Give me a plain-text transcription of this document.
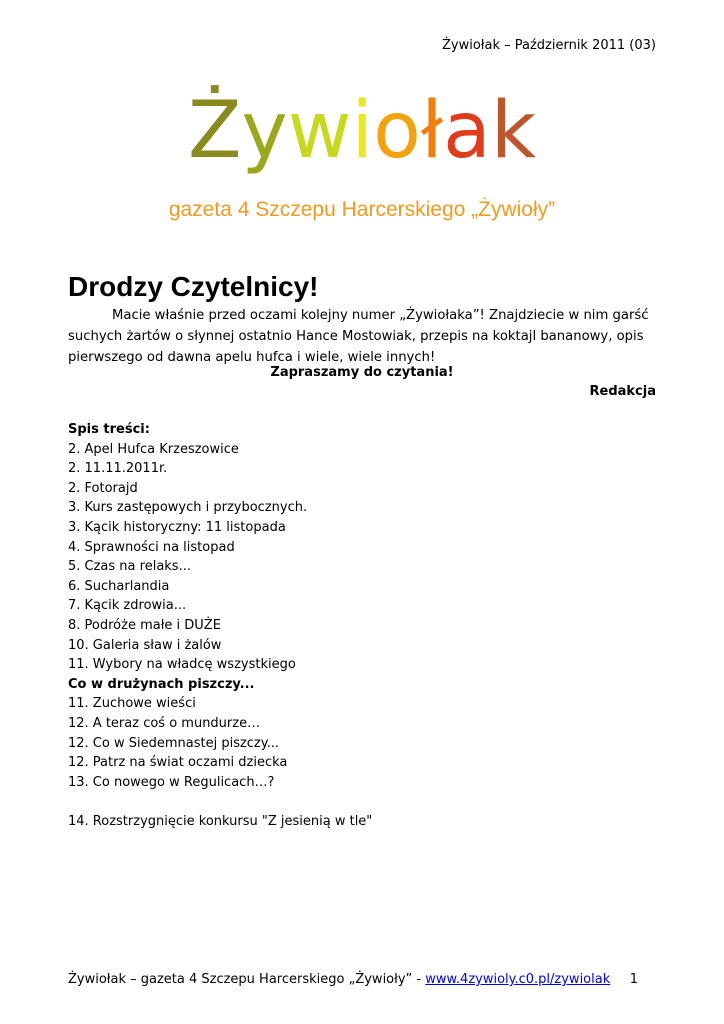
Żywiołak – Październik 2011 (03)
Żywiołak
gazeta 4 Szczepu Harcerskiego „Żywioły”
Drodzy Czytelnicy!

Macie właśnie przed oczami kolejny numer „Żywiołaka”! Znajdziecie w nim garść suchych żartów o słynnej ostatnio Hance Mostowiak, przepis na koktajl bananowy, opis pierwszego od dawna apelu hufca i wiele, wiele innych!

Zapraszamy do czytania!
Redakcja
Spis treści:
2. Apel Hufca Krzeszowice
2. 11.11.2011r.
2. Fotorajd
3. Kurs zastępowych i przybocznych.
3. Kącik historyczny: 11 listopada
4. Sprawności na listopad
5. Czas na relaks...
6. Sucharlandia
7. Kącik zdrowia...
8. Podróże małe i DUŻE
10. Galeria sław i żalów
11. Wybory na władcę wszystkiego
Co w drużynach piszczy...
11. Zuchowe wieści
12. A teraz coś o mundurze…
12. Co w Siedemnastej piszczy...
12. Patrz na świat oczami dziecka
13. Co nowego w Regulicach…?
14. Rozstrzygnięcie konkursu "Z jesienią w tle"
Żywiołak – gazeta 4 Szczepu Harcerskiego „Żywioły” - www.4zywioly.c0.pl/zywiolak 1
